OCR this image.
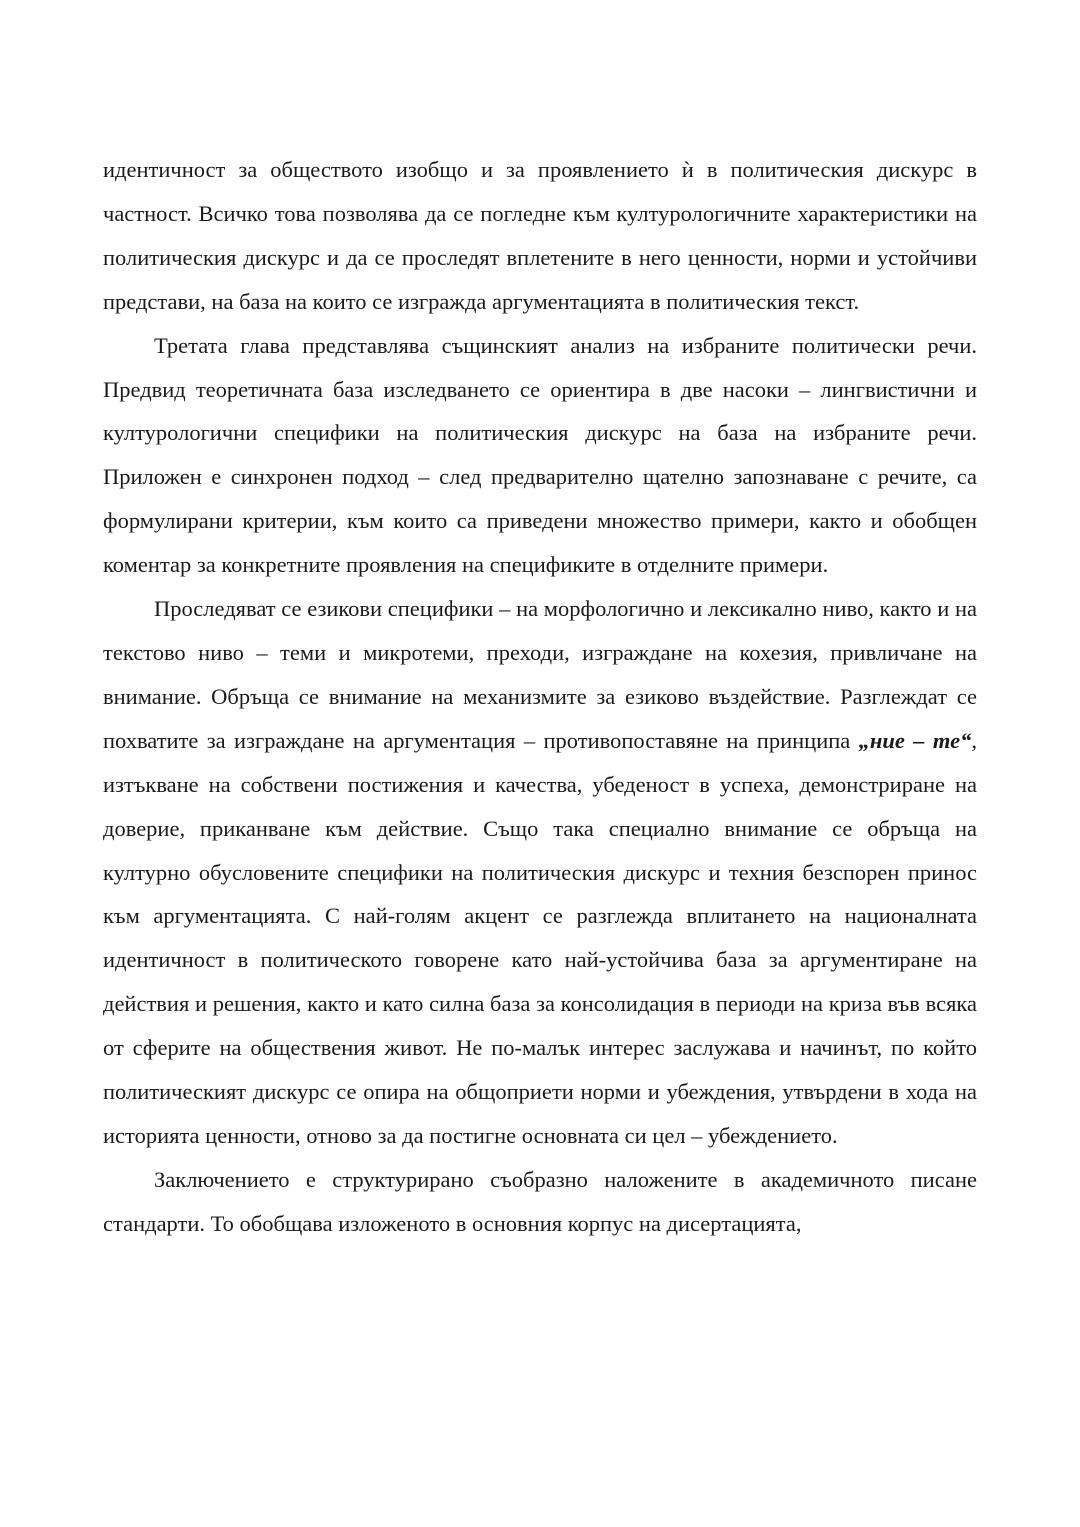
идентичност за обществото изобщо и за проявлението ѝ в политическия дискурс в частност. Всичко това позволява да се погледне към културологичните характеристики на политическия дискурс и да се проследят вплетените в него ценности, норми и устойчиви представи, на база на които се изгражда аргументацията в политическия текст.

Третата глава представлява същинският анализ на избраните политически речи. Предвид теоретичната база изследването се ориентира в две насоки – лингвистични и културологични специфики на политическия дискурс на база на избраните речи. Приложен е синхронен подход – след предварително щателно запознаване с речите, са формулирани критерии, към които са приведени множество примери, както и обобщен коментар за конкретните проявления на спецификите в отделните примери.

Проследяват се езикови специфики – на морфологично и лексикално ниво, както и на текстово ниво – теми и микротеми, преходи, изграждане на кохезия, привличане на внимание. Обръща се внимание на механизмите за езиково въздействие. Разглеждат се похватите за изграждане на аргументация – противопоставяне на принципа „ние – те“, изтъкване на собствени постижения и качества, убеденост в успеха, демонстриране на доверие, приканване към действие. Също така специално внимание се обръща на културно обусловените специфики на политическия дискурс и техния безспорен принос към аргументацията. С най-голям акцент се разглежда вплитането на националната идентичност в политическото говорене като най-устойчива база за аргументиране на действия и решения, както и като силна база за консолидация в периоди на криза във всяка от сферите на обществения живот. Не по-малък интерес заслужава и начинът, по който политическият дискурс се опира на общоприети норми и убеждения, утвърдени в хода на историята ценности, отново за да постигне основната си цел – убеждението.

Заключението е структурирано съобразно наложените в академичното писане стандарти. То обобщава изложеното в основния корпус на дисертацията,
